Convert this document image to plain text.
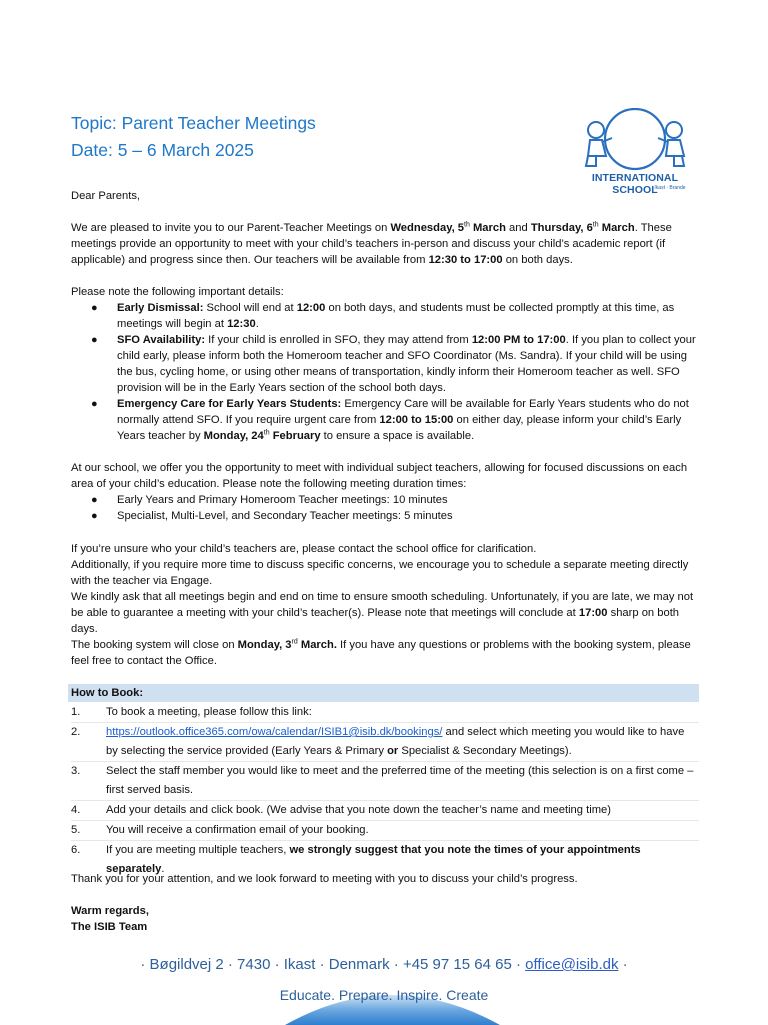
Topic: Parent Teacher Meetings
Date: 5 – 6 March 2025
INTERNATIONAL SCHOOL
Ikast · Brande
Dear Parents,
We are pleased to invite you to our Parent-Teacher Meetings on Wednesday, 5th March and Thursday, 6th March. These meetings provide an opportunity to meet with your child’s teachers in-person and discuss your child’s academic report (if applicable) and progress since then. Our teachers will be available from 12:30 to 17:00 on both days.

Please note the following important details:

● Early Dismissal: School will end at 12:00 on both days, and students must be collected promptly at this time, as meetings will begin at 12:30.
● SFO Availability: If your child is enrolled in SFO, they may attend from 12:00 PM to 17:00. If you plan to collect your child early, please inform both the Homeroom teacher and SFO Coordinator (Ms. Sandra). If your child will be using the bus, cycling home, or using other means of transportation, kindly inform their Homeroom teacher as well. SFO provision will be in the Early Years section of the school both days.
● Emergency Care for Early Years Students: Emergency Care will be available for Early Years students who do not normally attend SFO. If you require urgent care from 12:00 to 15:00 on either day, please inform your child’s Early Years teacher by Monday, 24th February to ensure a space is available.

At our school, we offer you the opportunity to meet with individual subject teachers, allowing for focused discussions on each area of your child’s education. Please note the following meeting duration times:

● Early Years and Primary Homeroom Teacher meetings: 10 minutes
● Specialist, Multi-Level, and Secondary Teacher meetings: 5 minutes

If you’re unsure who your child’s teachers are, please contact the school office for clarification.

Additionally, if you require more time to discuss specific concerns, we encourage you to schedule a separate meeting directly with the teacher via Engage.

We kindly ask that all meetings begin and end on time to ensure smooth scheduling. Unfortunately, if you are late, we may not be able to guarantee a meeting with your child’s teacher(s). Please note that meetings will conclude at 17:00 sharp on both days.

The booking system will close on Monday, 3rd March. If you have any questions or problems with the booking system, please feel free to contact the Office.

How to Book:
1. To book a meeting, please follow this link:
2. https://outlook.office365.com/owa/calendar/ISIB1@isib.dk/bookings/ and select which meeting you would like to have by selecting the service provided (Early Years & Primary or Specialist & Secondary Meetings).
3. Select the staff member you would like to meet and the preferred time of the meeting (this selection is on a first come – first served basis.
4. Add your details and click book. (We advise that you note down the teacher’s name and meeting time)
5. You will receive a confirmation email of your booking.
6. If you are meeting multiple teachers, we strongly suggest that you note the times of your appointments separately.
Thank you for your attention, and we look forward to meeting with you to discuss your child’s progress.

Warm regards,

The ISIB Team

· Bøgildvej 2 · 7430 · Ikast · Denmark · +45 97 15 64 65 · office@isib.dk ·
Educate. Prepare. Inspire. Create
